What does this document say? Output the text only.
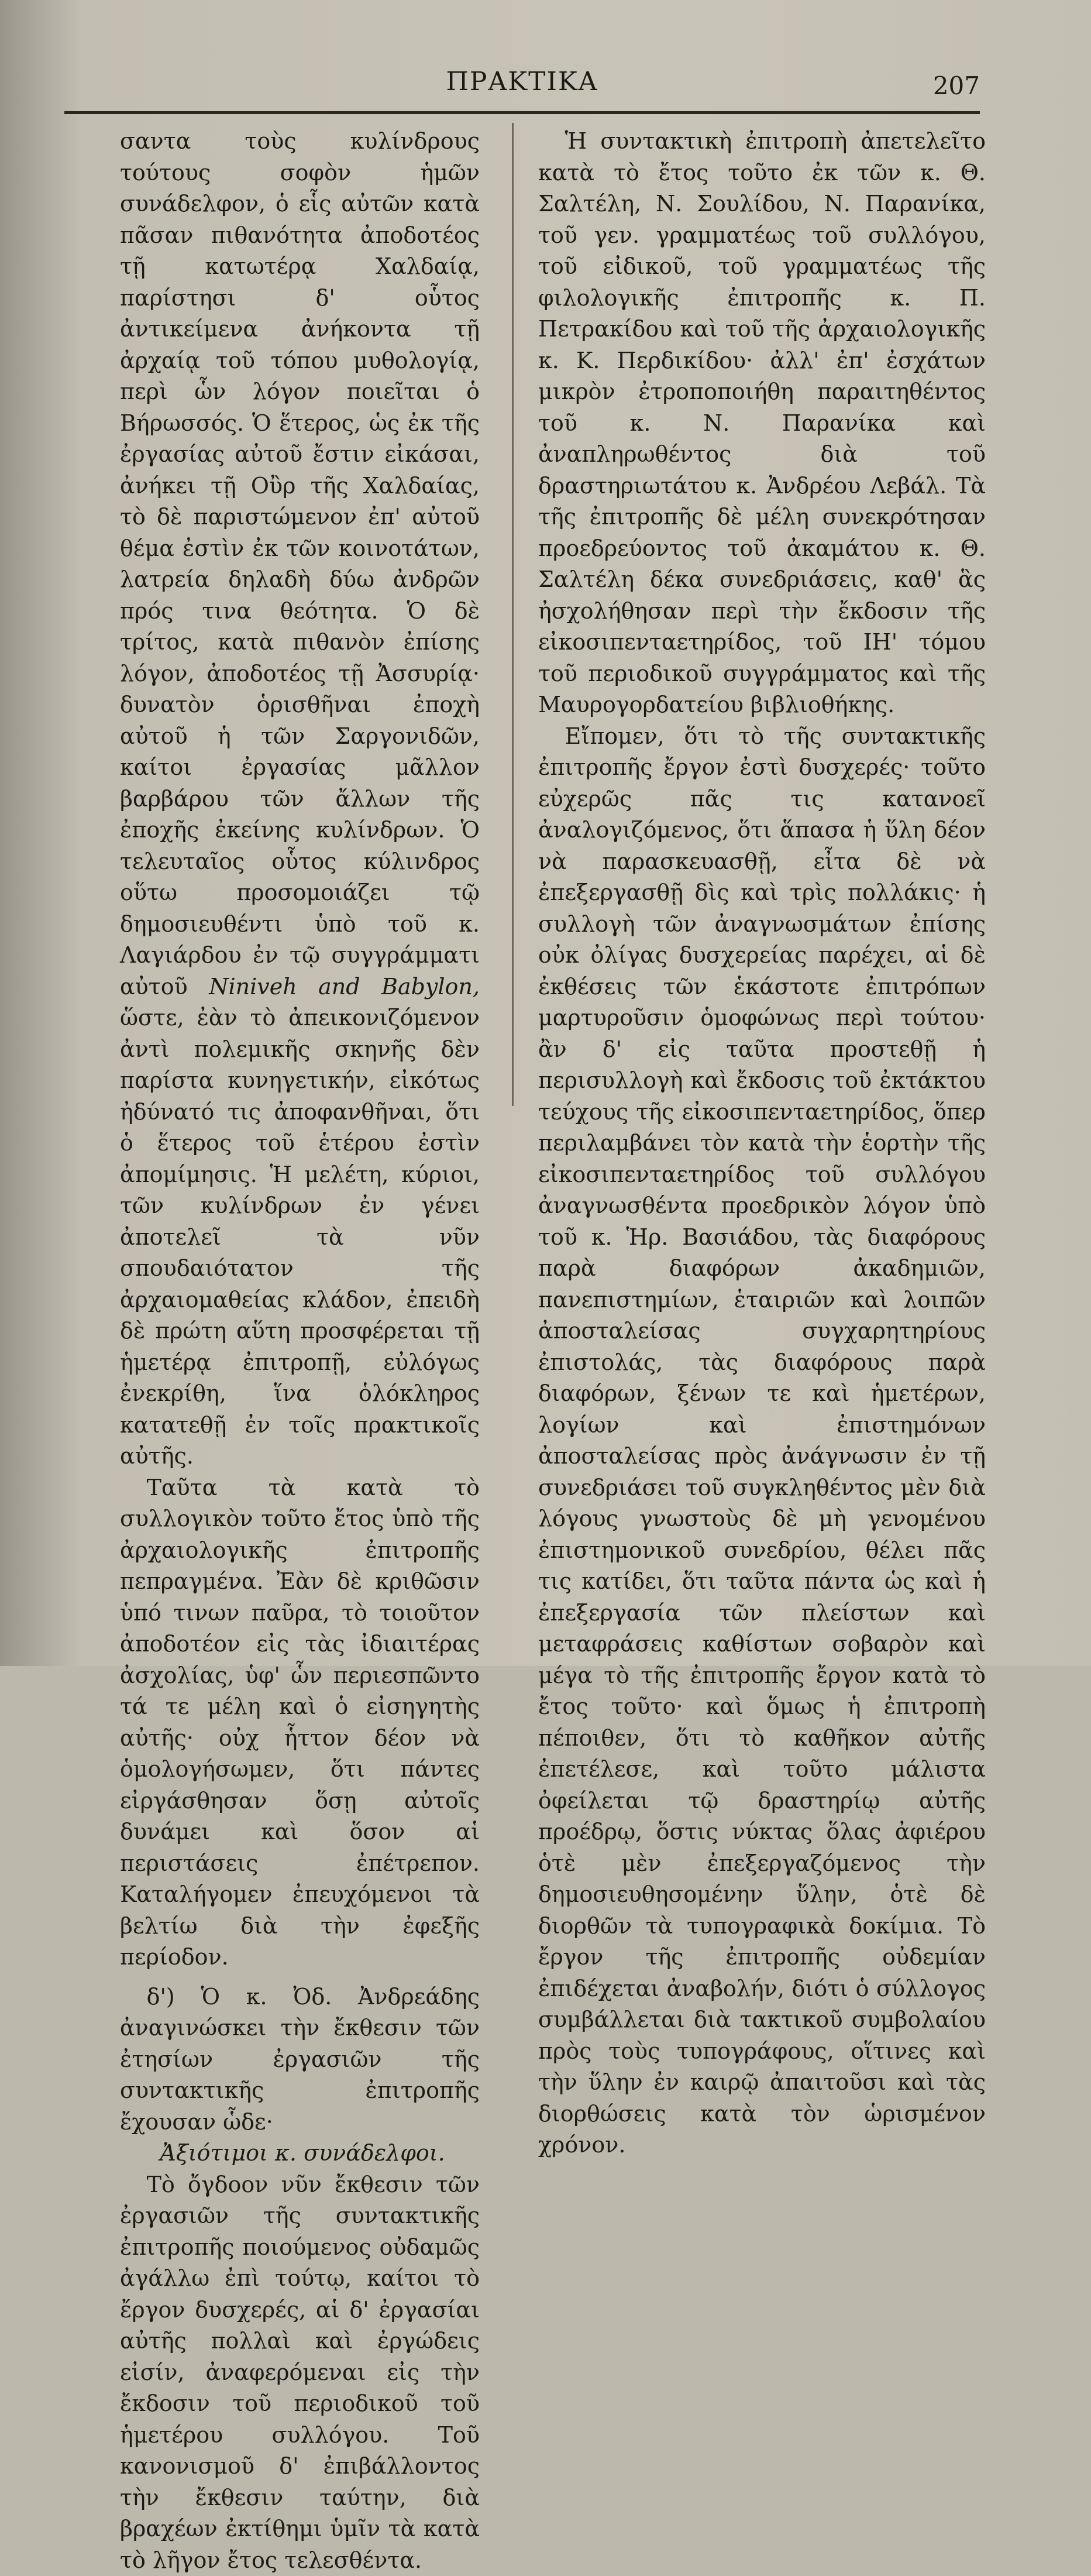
ΠΡΑΚΤΙΚΑ	207

σαντα τοὺς κυλίνδρους τούτους σοφὸν ἡμῶν συνάδελφον, ὁ εἷς αὐτῶν κατὰ πᾶσαν πιθανότητα ἀποδοτέος τῇ κατωτέρᾳ Χαλδαίᾳ, παρίστησι δ' οὗτος ἀντικείμενα ἀνήκοντα τῇ ἀρχαίᾳ τοῦ τόπου μυθολογίᾳ, περὶ ὧν λόγον ποιεῖται ὁ Βήρωσσός. Ὁ ἕτερος, ὡς ἐκ τῆς ἐργασίας αὐτοῦ ἔστιν εἰκάσαι, ἀνήκει τῇ Οὒρ τῆς Χαλδαίας, τὸ δὲ παριστώμενον ἐπ' αὐτοῦ θέμα ἐστὶν ἐκ τῶν κοινοτάτων, λατρεία δηλαδὴ δύω ἀνδρῶν πρός τινα θεότητα. Ὁ δὲ τρίτος, κατὰ πιθανὸν ἐπίσης λόγον, ἀποδοτέος τῇ Ἀσσυρίᾳ· δυνατὸν ὁρισθῆναι ἐποχὴ αὐτοῦ ἡ τῶν Σαργονιδῶν, καίτοι ἐργασίας μᾶλλον βαρβάρου τῶν ἄλλων τῆς ἐποχῆς ἐκείνης κυλίνδρων. Ὁ τελευταῖος οὗτος κύλινδρος οὕτω προσομοιάζει τῷ δημοσιευθέντι ὑπὸ τοῦ κ. Λαγιάρδου ἐν τῷ συγγράμματι αὐτοῦ Niniveh and Babylon, ὥστε, ἐὰν τὸ ἀπεικονιζόμενον ἀντὶ πολεμικῆς σκηνῆς δὲν παρίστα κυνηγετικήν, εἰκότως ἠδύνατό τις ἀποφανθῆναι, ὅτι ὁ ἕτερος τοῦ ἑτέρου ἐστὶν ἀπομίμησις. Ἡ μελέτη, κύριοι, τῶν κυλίνδρων ἐν γένει ἀποτελεῖ τὰ νῦν σπουδαιότατον τῆς ἀρχαιομαθείας κλάδον, ἐπειδὴ δὲ πρώτη αὕτη προσφέρεται τῇ ἡμετέρᾳ ἐπιτροπῇ, εὐλόγως ἐνεκρίθη, ἵνα ὁλόκληρος κατατεθῇ ἐν τοῖς πρακτικοῖς αὐτῆς.

Ταῦτα τὰ κατὰ τὸ συλλογικὸν τοῦτο ἔτος ὑπὸ τῆς ἀρχαιολογικῆς ἐπιτροπῆς πεπραγμένα. Ἐὰν δὲ κριθῶσιν ὑπό τινων παῦρα, τὸ τοιοῦτον ἀποδοτέον εἰς τὰς ἰδιαιτέρας ἀσχολίας, ὑφ' ὧν περιεσπῶντο τά τε μέλη καὶ ὁ εἰσηγητὴς αὐτῆς· οὐχ ἧττον δέον νὰ ὁμολογήσωμεν, ὅτι πάντες εἰργάσθησαν ὅσῃ αὐτοῖς δυνάμει καὶ ὅσον αἱ περιστάσεις ἐπέτρεπον. Καταλήγομεν ἐπευχόμενοι τὰ βελτίω διὰ τὴν ἐφεξῆς περίοδον.

δ') Ὁ κ. Ὀδ. Ἀνδρεάδης ἀναγινώσκει τὴν ἔκθεσιν τῶν ἐτησίων ἐργασιῶν τῆς συντακτικῆς ἐπιτροπῆς ἔχουσαν ὧδε·

Ἀξιότιμοι κ. συνάδελφοι.

Τὸ ὄγδοον νῦν ἔκθεσιν τῶν ἐργασιῶν τῆς συντακτικῆς ἐπιτροπῆς ποιούμενος οὐδαμῶς ἀγάλλω ἐπὶ τούτῳ, καίτοι τὸ ἔργον δυσχερές, αἱ δ' ἐργασίαι αὐτῆς πολλαὶ καὶ ἐργώδεις εἰσίν, ἀναφερόμεναι εἰς τὴν ἔκδοσιν τοῦ περιοδικοῦ τοῦ ἡμετέρου συλλόγου. Τοῦ κανονισμοῦ δ' ἐπιβάλλοντος τὴν ἔκθεσιν ταύτην, διὰ βραχέων ἐκτίθημι ὑμῖν τὰ κατὰ τὸ λῆγον ἔτος τελεσθέντα.

Ἡ συντακτικὴ ἐπιτροπὴ ἀπετελεῖτο κατὰ τὸ ἔτος τοῦτο ἐκ τῶν κ. Θ. Σαλτέλη, Ν. Σουλίδου, Ν. Παρανίκα, τοῦ γεν. γραμματέως τοῦ συλλόγου, τοῦ εἰδικοῦ, τοῦ γραμματέως τῆς φιλολογικῆς ἐπιτροπῆς κ. Π. Πετρακίδου καὶ τοῦ τῆς ἀρχαιολογικῆς κ. Κ. Περδικίδου· ἀλλ' ἐπ' ἐσχάτων μικρὸν ἐτροποποιήθη παραιτηθέντος τοῦ κ. Ν. Παρανίκα καὶ ἀναπληρωθέντος διὰ τοῦ δραστηριωτάτου κ. Ἀνδρέου Λεβάλ. Τὰ τῆς ἐπιτροπῆς δὲ μέλη συνεκρότησαν προεδρεύοντος τοῦ ἀκαμάτου κ. Θ. Σαλτέλη δέκα συνεδριάσεις, καθ' ἃς ἠσχολήθησαν περὶ τὴν ἔκδοσιν τῆς εἰκοσιπενταετηρίδος, τοῦ ΙΗ' τόμου τοῦ περιοδικοῦ συγγράμματος καὶ τῆς Μαυρογορδατείου βιβλιοθήκης.

Εἴπομεν, ὅτι τὸ τῆς συντακτικῆς ἐπιτροπῆς ἔργον ἐστὶ δυσχερές· τοῦτο εὐχερῶς πᾶς τις κατανοεῖ ἀναλογιζόμενος, ὅτι ἅπασα ἡ ὕλη δέον νὰ παρασκευασθῇ, εἶτα δὲ νὰ ἐπεξεργασθῇ δὶς καὶ τρὶς πολλάκις· ἡ συλλογὴ τῶν ἀναγνωσμάτων ἐπίσης οὐκ ὀλίγας δυσχερείας παρέχει, αἱ δὲ ἐκθέσεις τῶν ἑκάστοτε ἐπιτρόπων μαρτυροῦσιν ὁμοφώνως περὶ τούτου· ἂν δ' εἰς ταῦτα προστεθῇ ἡ περισυλλογὴ καὶ ἔκδοσις τοῦ ἐκτάκτου τεύχους τῆς εἰκοσιπενταετηρίδος, ὅπερ περιλαμβάνει τὸν κατὰ τὴν ἑορτὴν τῆς εἰκοσιπενταετηρίδος τοῦ συλλόγου ἀναγνωσθέντα προεδρικὸν λόγον ὑπὸ τοῦ κ. Ἡρ. Βασιάδου, τὰς διαφόρους παρὰ διαφόρων ἀκαδημιῶν, πανεπιστημίων, ἑταιριῶν καὶ λοιπῶν ἀποσταλείσας συγχαρητηρίους ἐπιστολάς, τὰς διαφόρους παρὰ διαφόρων, ξένων τε καὶ ἡμετέρων, λογίων καὶ ἐπιστημόνων ἀποσταλείσας πρὸς ἀνάγνωσιν ἐν τῇ συνεδριάσει τοῦ συγκληθέντος μὲν διὰ λόγους γνωστοὺς δὲ μὴ γενομένου ἐπιστημονικοῦ συνεδρίου, θέλει πᾶς τις κατίδει, ὅτι ταῦτα πάντα ὡς καὶ ἡ ἐπεξεργασία τῶν πλείστων καὶ μεταφράσεις καθίστων σοβαρὸν καὶ μέγα τὸ τῆς ἐπιτροπῆς ἔργον κατὰ τὸ ἔτος τοῦτο· καὶ ὅμως ἡ ἐπιτροπὴ πέποιθεν, ὅτι τὸ καθῆκον αὐτῆς ἐπετέλεσε, καὶ τοῦτο μάλιστα ὀφείλεται τῷ δραστηρίῳ αὐτῆς προέδρῳ, ὅστις νύκτας ὅλας ἀφιέρου ὁτὲ μὲν ἐπεξεργαζόμενος τὴν δημοσιευθησομένην ὕλην, ὁτὲ δὲ διορθῶν τὰ τυπογραφικὰ δοκίμια. Τὸ ἔργον τῆς ἐπιτροπῆς οὐδεμίαν ἐπιδέχεται ἀναβολήν, διότι ὁ σύλλογος συμβάλλεται διὰ τακτικοῦ συμβολαίου πρὸς τοὺς τυπογράφους, οἵτινες καὶ τὴν ὕλην ἐν καιρῷ ἀπαιτοῦσι καὶ τὰς διορθώσεις κατὰ τὸν ὡρισμένον χρόνον.
